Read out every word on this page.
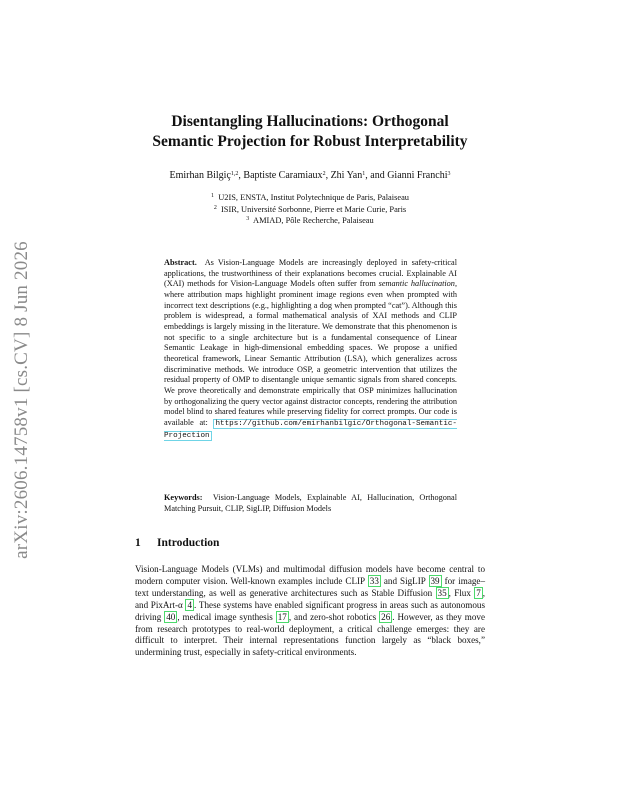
arXiv:2606.14758v1 [cs.CV] 8 Jun 2026
Disentangling Hallucinations: Orthogonal
Semantic Projection for Robust Interpretability
Emirhan Bilgiç$^{1,2}$, Baptiste Caramiaux$^2$, Zhi Yan$^1$, and Gianni Franchi$^3$
$^1$ U2IS, ENSTA, Institut Polytechnique de Paris, Palaiseau
$^2$ ISIR, Université Sorbonne, Pierre et Marie Curie, Paris
$^3$ AMIAD, Pôle Recherche, Palaiseau
Abstract. As Vision-Language Models are increasingly deployed in safety-critical applications, the trustworthiness of their explanations becomes crucial. Explainable AI (XAI) methods for Vision-Language Models often suffer from semantic hallucination, where attribution maps highlight prominent image regions even when prompted with incorrect text descriptions (e.g., highlighting a dog when prompted “cat”). Although this problem is widespread, a formal mathematical analysis of XAI methods and CLIP embeddings is largely missing in the literature. We demonstrate that this phenomenon is not specific to a single architecture but is a fundamental consequence of Linear Semantic Leakage in high-dimensional embedding spaces. We propose a unified theoretical framework, Linear Semantic Attribution (LSA), which generalizes across discriminative methods. We introduce OSP, a geometric intervention that utilizes the residual property of OMP to disentangle unique semantic signals from shared concepts. We prove theoretically and demonstrate empirically that OSP minimizes hallucination by orthogonalizing the query vector against distractor concepts, rendering the attribution model blind to shared features while preserving fidelity for correct prompts. Our code is available at: https://github.com/emirhanbilgic/Orthogonal-Semantic-Projection
Keywords: Vision-Language Models, Explainable AI, Hallucination, Orthogonal Matching Pursuit, CLIP, SigLIP, Diffusion Models
1 Introduction
Vision-Language Models (VLMs) and multimodal diffusion models have become central to modern computer vision. Well-known examples include CLIP 33 and SigLIP 39 for image–text understanding, as well as generative architectures such as Stable Diffusion 35 , Flux 7 , and PixArt-α 4 . These systems have enabled significant progress in areas such as autonomous driving 40 , medical image synthesis 17 , and zero-shot robotics 26 . However, as they move from research prototypes to real-world deployment, a critical challenge emerges: they are difficult to interpret. Their internal representations function largely as “black boxes,” undermining trust, especially in safety-critical environments.
